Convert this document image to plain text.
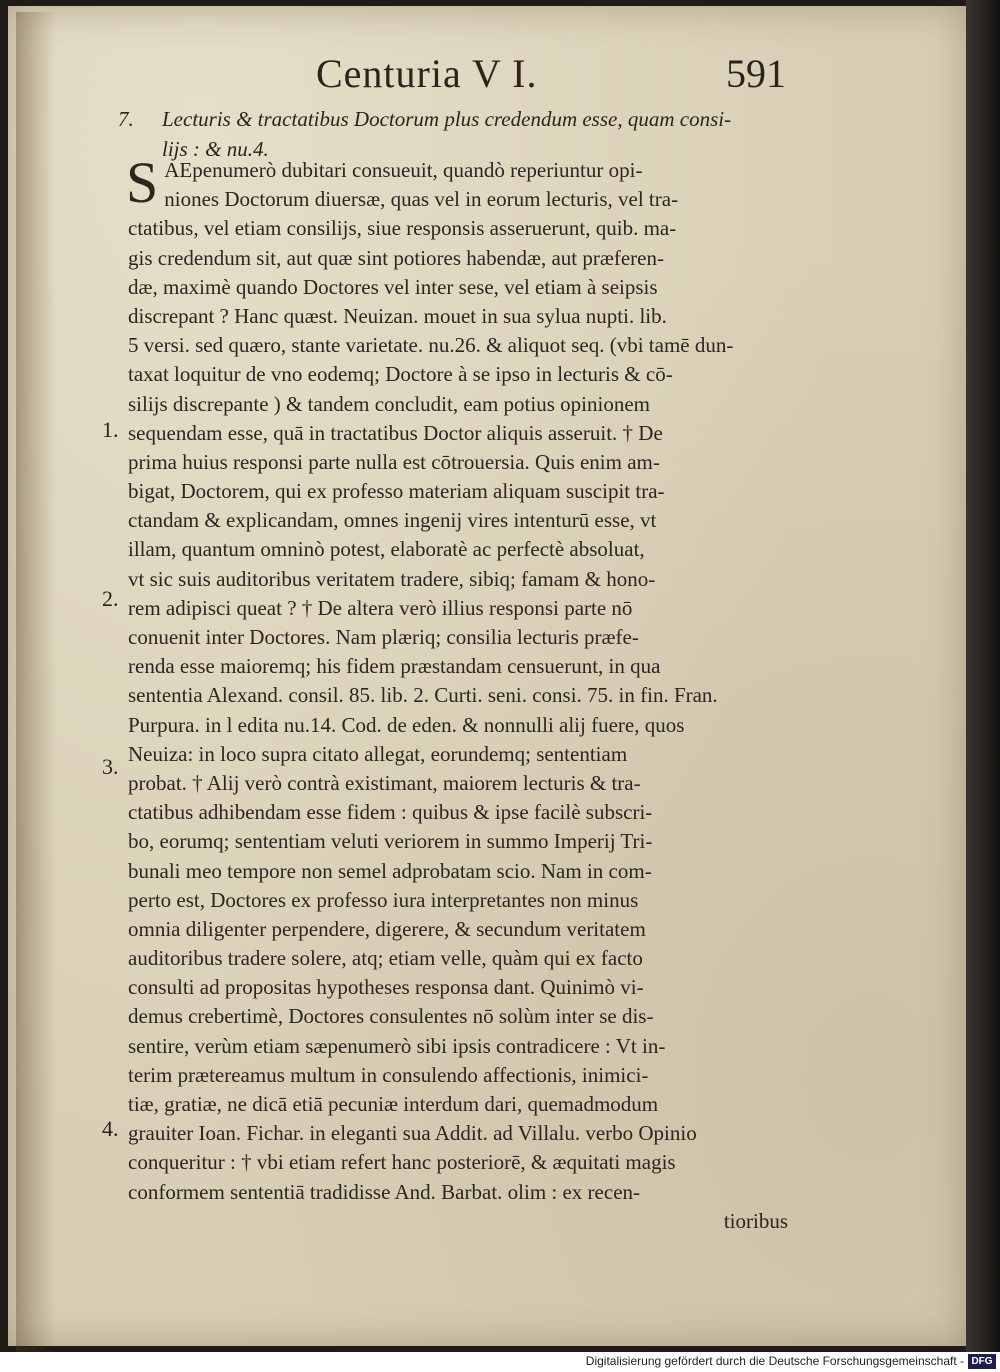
Centuria V I.	591
7. Lecturis & tractatibus Doctorum plus credendum esse, quam consi-
lijs : & nu.4.
S AEpenumerò dubitari consueuit, quandò reperiuntur opi-
niones Doctorum diuersæ, quas vel in eorum lecturis, vel tra-
ctatibus, vel etiam consilijs, siue responsis asseruerunt, quib. ma-
gis credendum sit, aut quæ sint potiores habendæ, aut præferen-
dæ, maximè quando Doctores vel inter sese, vel etiam à seipsis
discrepant ? Hanc quæst. Neuizan. mouet in sua sylua nupti. lib.
5 versi. sed quæro, stante varietate. nu.26. & aliquot seq. (vbi tamē dun-
taxat loquitur de vno eodemq; Doctore à se ipso in lecturis & cō-
silijs discrepante ) & tandem concludit, eam potius opinionem
sequendam esse, quā in tractatibus Doctor aliquis asseruit. † De
prima huius responsi parte nulla est cōtrouersia. Quis enim am-
bigat, Doctorem, qui ex professo materiam aliquam suscipit tra-
ctandam & explicandam, omnes ingenij vires intenturū esse, vt
illam, quantum omninò potest, elaboratè ac perfectè absoluat,
vt sic suis auditoribus veritatem tradere, sibiq; famam & hono-
rem adipisci queat ? † De altera verò illius responsi parte nō
conuenit inter Doctores. Nam plæriq; consilia lecturis præfe-
renda esse maioremq; his fidem præstandam censuerunt, in qua
sententia Alexand. consil. 85. lib. 2. Curti. seni. consi. 75. in fin. Fran.
Purpura. in l edita nu.14. Cod. de eden. & nonnulli alij fuere, quos
Neuiza: in loco supra citato allegat, eorundemq; sententiam
probat. † Alij verò contrà existimant, maiorem lecturis & tra-
ctatibus adhibendam esse fidem : quibus & ipse facilè subscri-
bo, eorumq; sententiam veluti veriorem in summo Imperij Tri-
bunali meo tempore non semel adprobatam scio. Nam in com-
perto est, Doctores ex professo iura interpretantes non minus
omnia diligenter perpendere, digerere, & secundum veritatem
auditoribus tradere solere, atq; etiam velle, quàm qui ex facto
consulti ad propositas hypotheses responsa dant. Quinimò vi-
demus crebertimè, Doctores consulentes nō solùm inter se dis-
sentire, verùm etiam sæpenumerò sibi ipsis contradicere : Vt in-
terim prætereamus multum in consulendo affectionis, inimici-
tiæ, gratiæ, ne dicā etiā pecuniæ interdum dari, quemadmodum
grauiter Ioan. Fichar. in eleganti sua Addit. ad Villalu. verbo Opinio
conqueritur : † vbi etiam refert hanc posteriorē, & æquitati magis
conformem sententiā tradidisse And. Barbat. olim : ex recen-
tioribus
1.
2.
3.
4.
Digitalisierung gefördert durch die Deutsche Forschungsgemeinschaft - DFG
